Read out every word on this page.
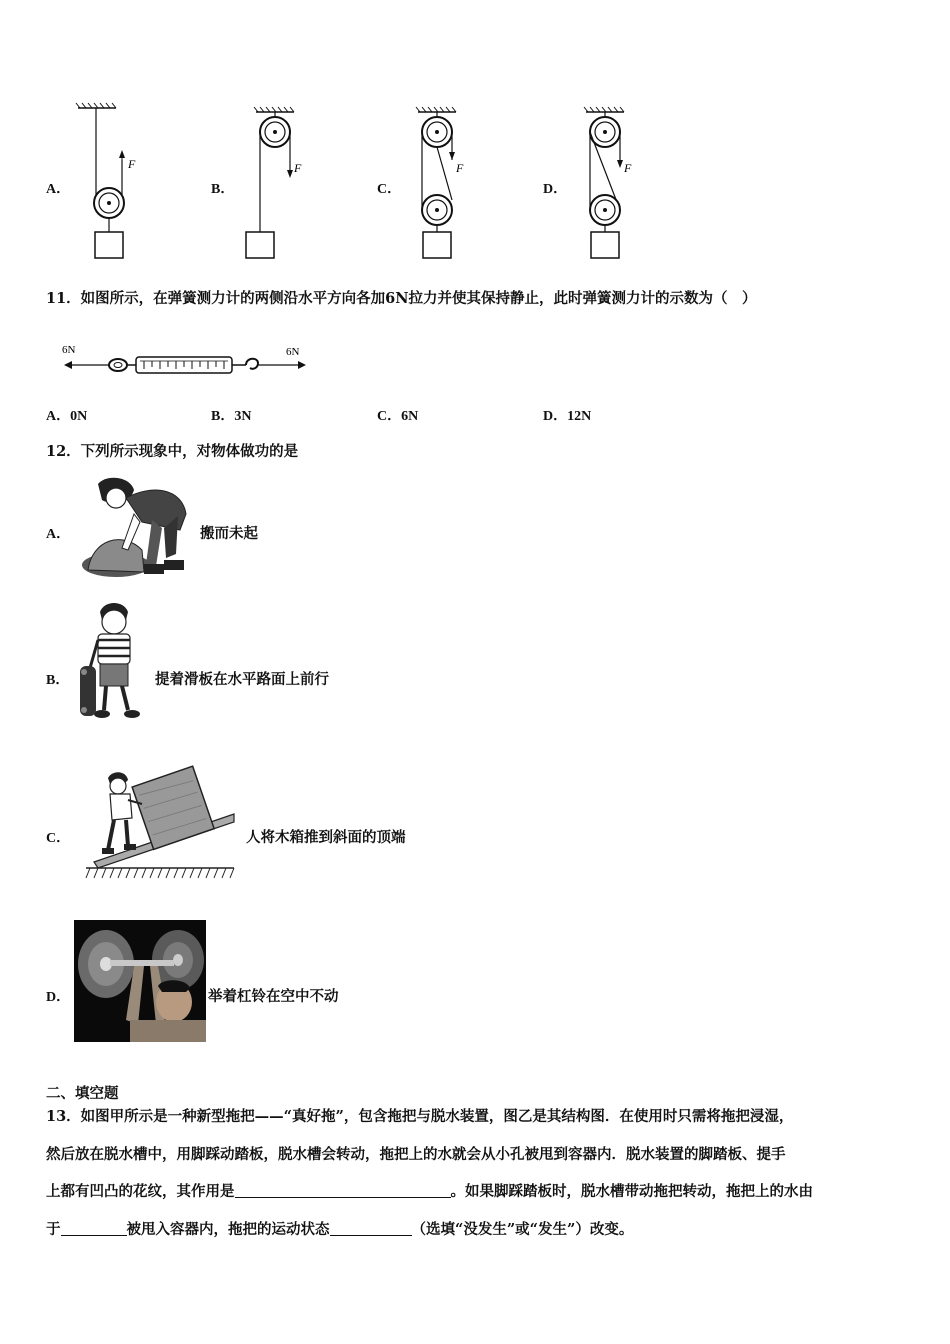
A．
F
B．
F
C．
F
D．
F
11．如图所示，在弹簧测力计的两侧沿水平方向各加6N拉力并使其保持静止，此时弹簧测力计的示数为（　）
6N	6N
A．0N	B．3N	C．6N	D．12N
12．下列所示现象中，对物体做功的是
A．	搬而未起
B．	提着滑板在水平路面上前行
C．	人将木箱推到斜面的顶端
D．	举着杠铃在空中不动
二、填空题
13．如图甲所示是一种新型拖把——“真好拖”，包含拖把与脱水装置，图乙是其结构图．在使用时只需将拖把浸湿，
然后放在脱水槽中，用脚踩动踏板，脱水槽会转动，拖把上的水就会从小孔被甩到容器内．脱水装置的脚踏板、提手
上都有凹凸的花纹，其作用是	。如果脚踩踏板时，脱水槽带动拖把转动，拖把上的水由
于	被甩入容器内，拖把的运动状态	（选填“没发生”或“发生”）改变。
